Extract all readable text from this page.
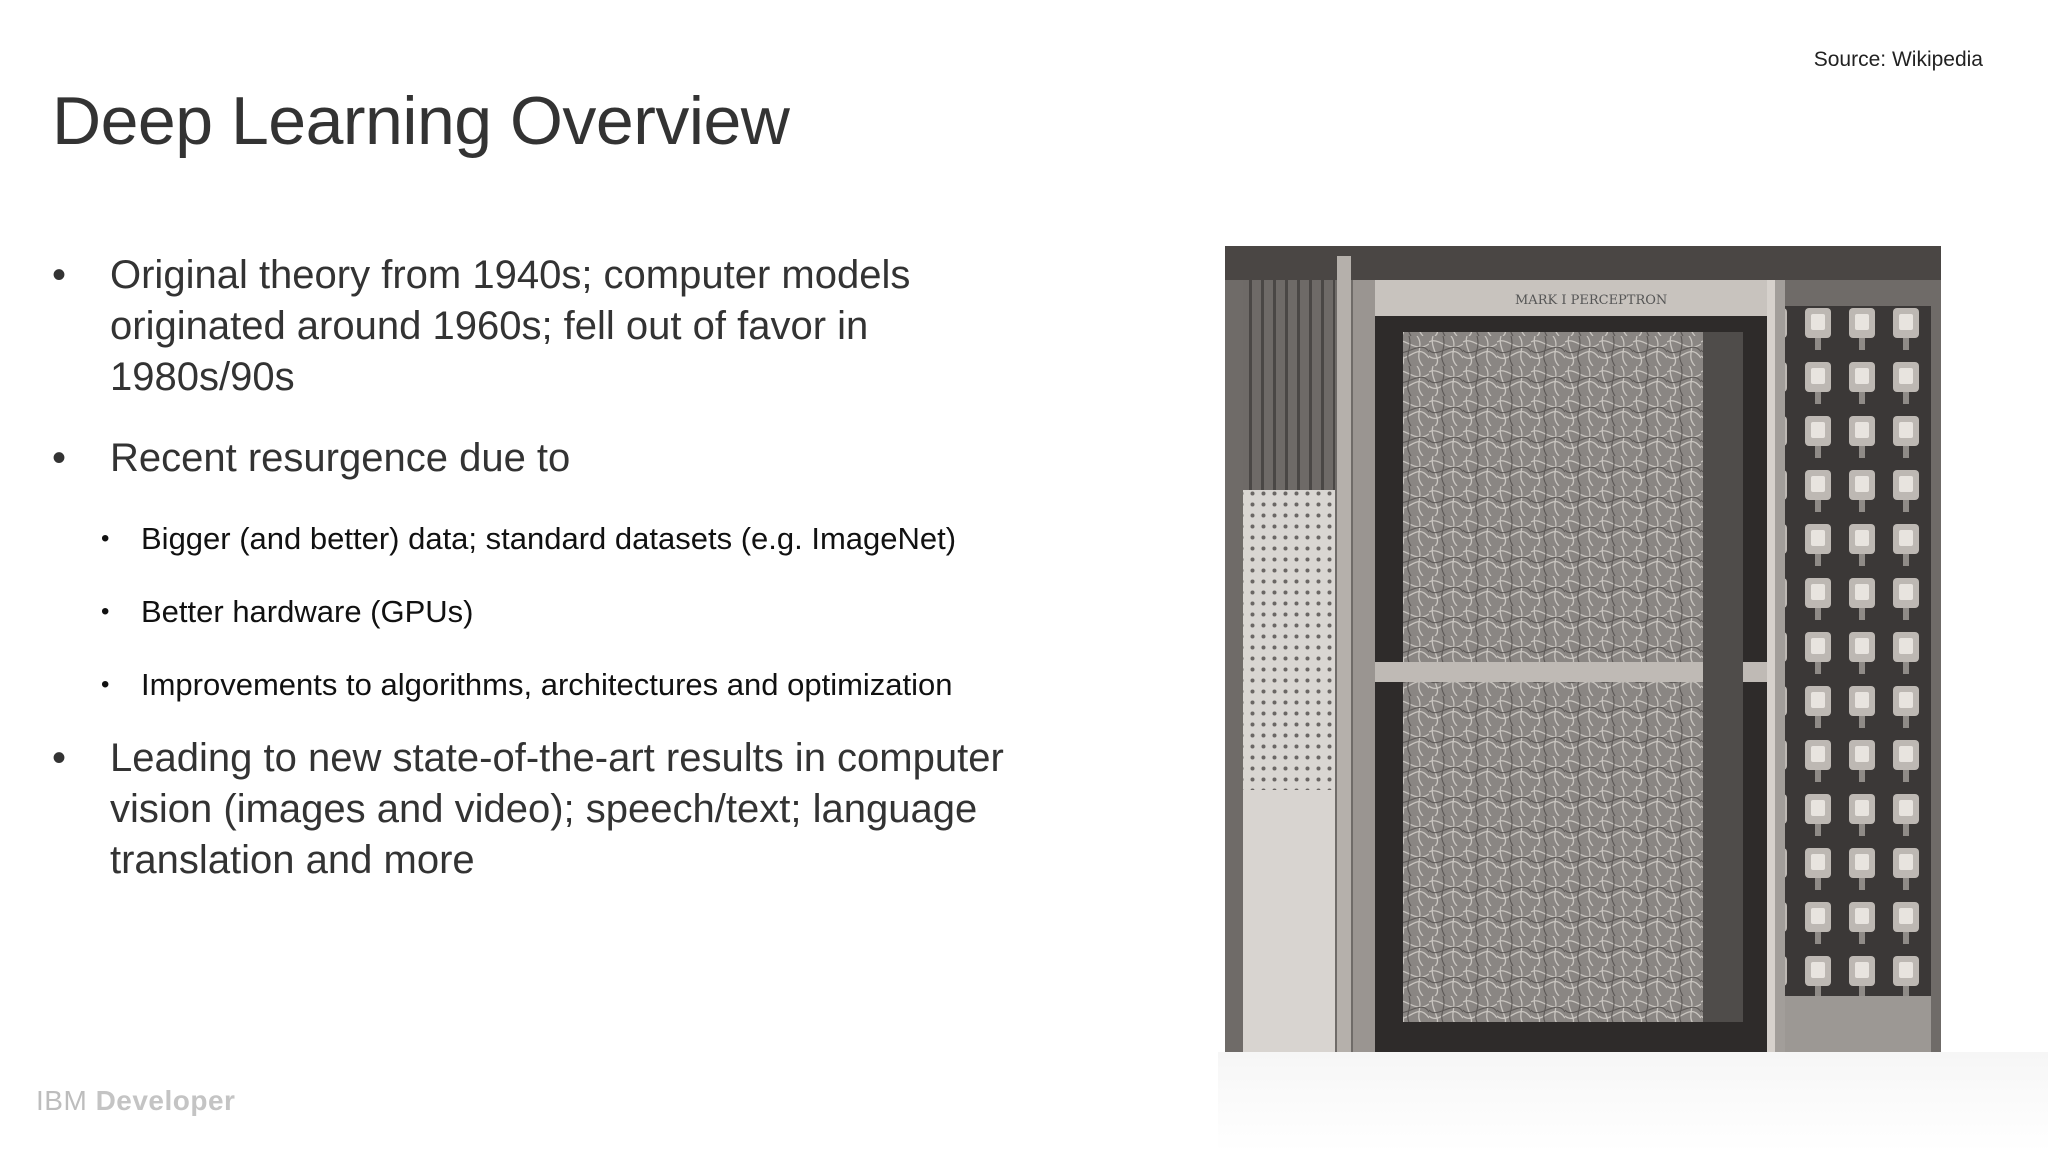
Source: Wikipedia
Deep Learning Overview
• Original theory from 1940s; computer models originated around 1960s; fell out of favor in 1980s/90s
• Recent resurgence due to
• Bigger (and better) data; standard datasets (e.g. ImageNet)
• Better hardware (GPUs)
• Improvements to algorithms, architectures and optimization
• Leading to new state-of-the-art results in computer vision (images and video); speech/text; language translation and more
MARK I PERCEPTRON
IBM Developer
